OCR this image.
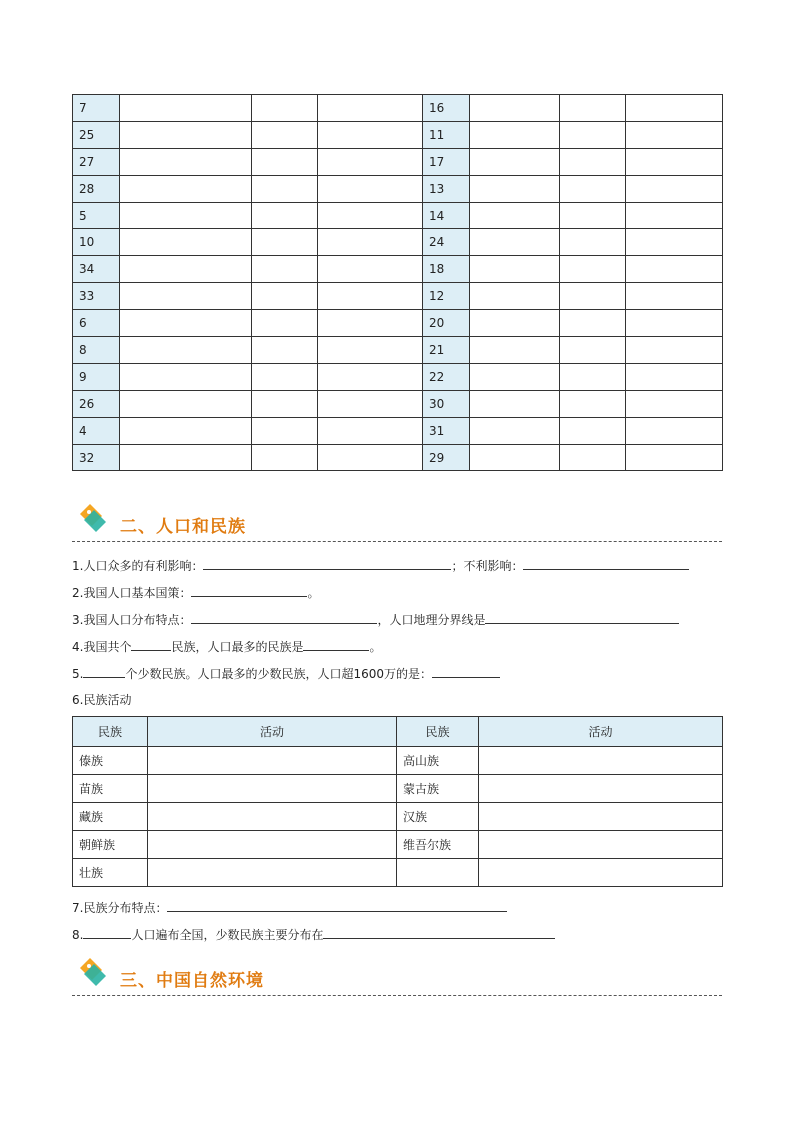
7				16			
25				11			
27				17			
28				13			
5				14			
10				24			
34				18			
33				12			
6				20			
8				21			
9				22			
26				30			
4				31			
32				29			
二、人口和民族
1.人口众多的有利影响：	；不利影响：
2.我国人口基本国策：	。
3.我国人口分布特点：	，人口地理分界线是
4.我国共个	民族，人口最多的民族是	。
5.	个少数民族。人口最多的少数民族，人口超1600万的是：
6.民族活动
民族	活动	民族	活动
傣族		高山族	
苗族		蒙古族	
藏族		汉族	
朝鲜族		维吾尔族	
壮族			
7.民族分布特点：
8.	人口遍布全国，少数民族主要分布在
三、中国自然环境
